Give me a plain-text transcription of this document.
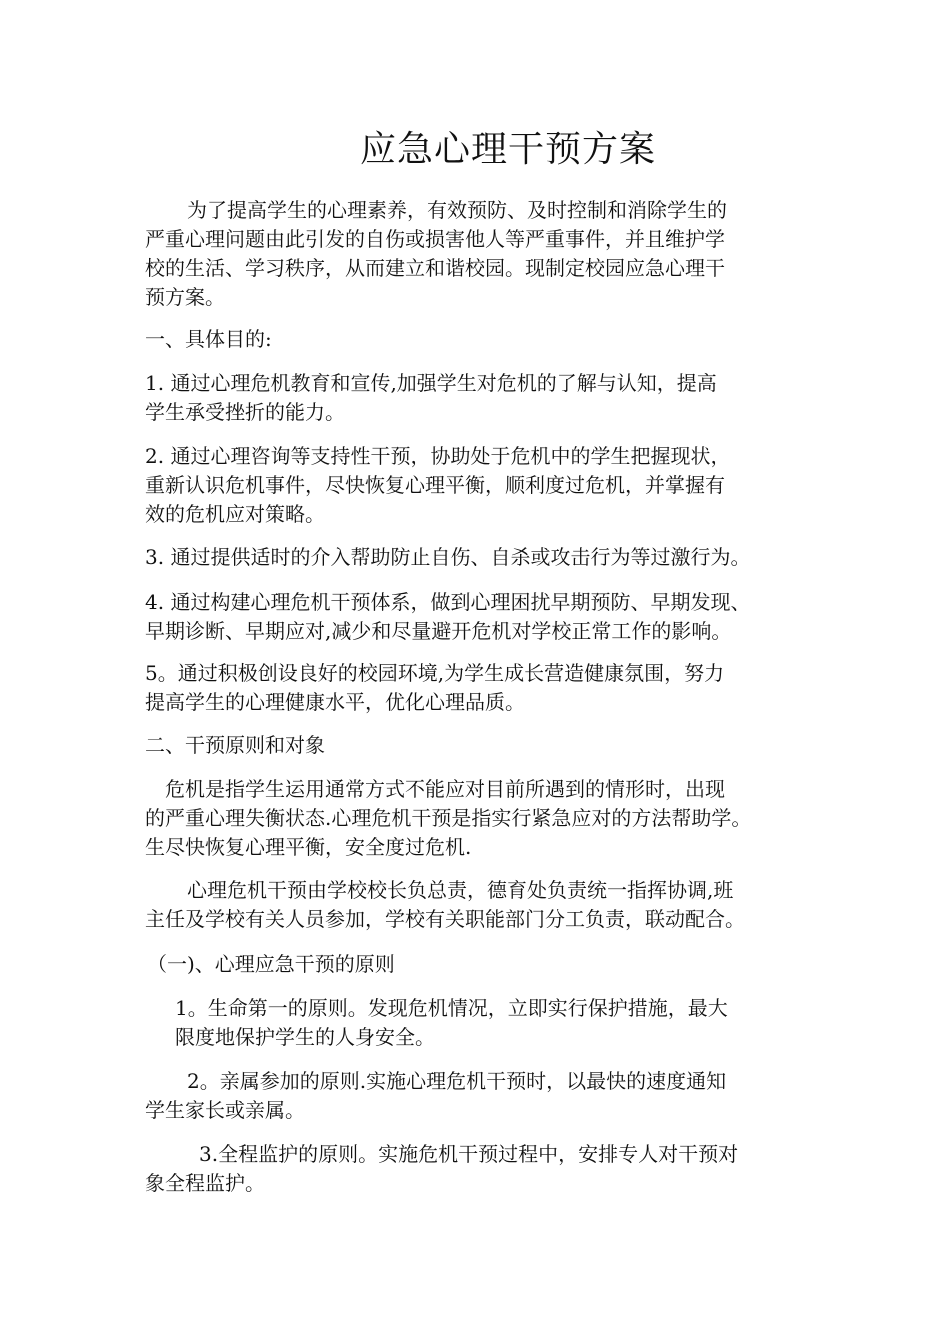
应急心理干预方案
为了提高学生的心理素养，有效预防、及时控制和消除学生的
严重心理问题由此引发的自伤或损害他人等严重事件，并且维护学
校的生活、学习秩序，从而建立和谐校园。现制定校园应急心理干
预方案。
一、具体目的:
1. 通过心理危机教育和宣传,加强学生对危机的了解与认知，提高
学生承受挫折的能力。
2. 通过心理咨询等支持性干预，协助处于危机中的学生把握现状，
重新认识危机事件，尽快恢复心理平衡，顺利度过危机，并掌握有
效的危机应对策略。
3. 通过提供适时的介入帮助防止自伤、自杀或攻击行为等过激行为。
4. 通过构建心理危机干预体系，做到心理困扰早期预防、早期发现、
早期诊断、早期应对,减少和尽量避开危机对学校正常工作的影响。
5。通过积极创设良好的校园环境,为学生成长营造健康氛围，努力
提高学生的心理健康水平，优化心理品质。
二、干预原则和对象
危机是指学生运用通常方式不能应对目前所遇到的情形时，出现
的严重心理失衡状态.心理危机干预是指实行紧急应对的方法帮助学。
生尽快恢复心理平衡，安全度过危机.
心理危机干预由学校校长负总责，德育处负责统一指挥协调,班
主任及学校有关人员参加，学校有关职能部门分工负责，联动配合。
（一)、心理应急干预的原则
1。生命第一的原则。发现危机情况，立即实行保护措施，最大
限度地保护学生的人身安全。
2。亲属参加的原则.实施心理危机干预时，以最快的速度通知
学生家长或亲属。
3.全程监护的原则。实施危机干预过程中，安排专人对干预对
象全程监护。
